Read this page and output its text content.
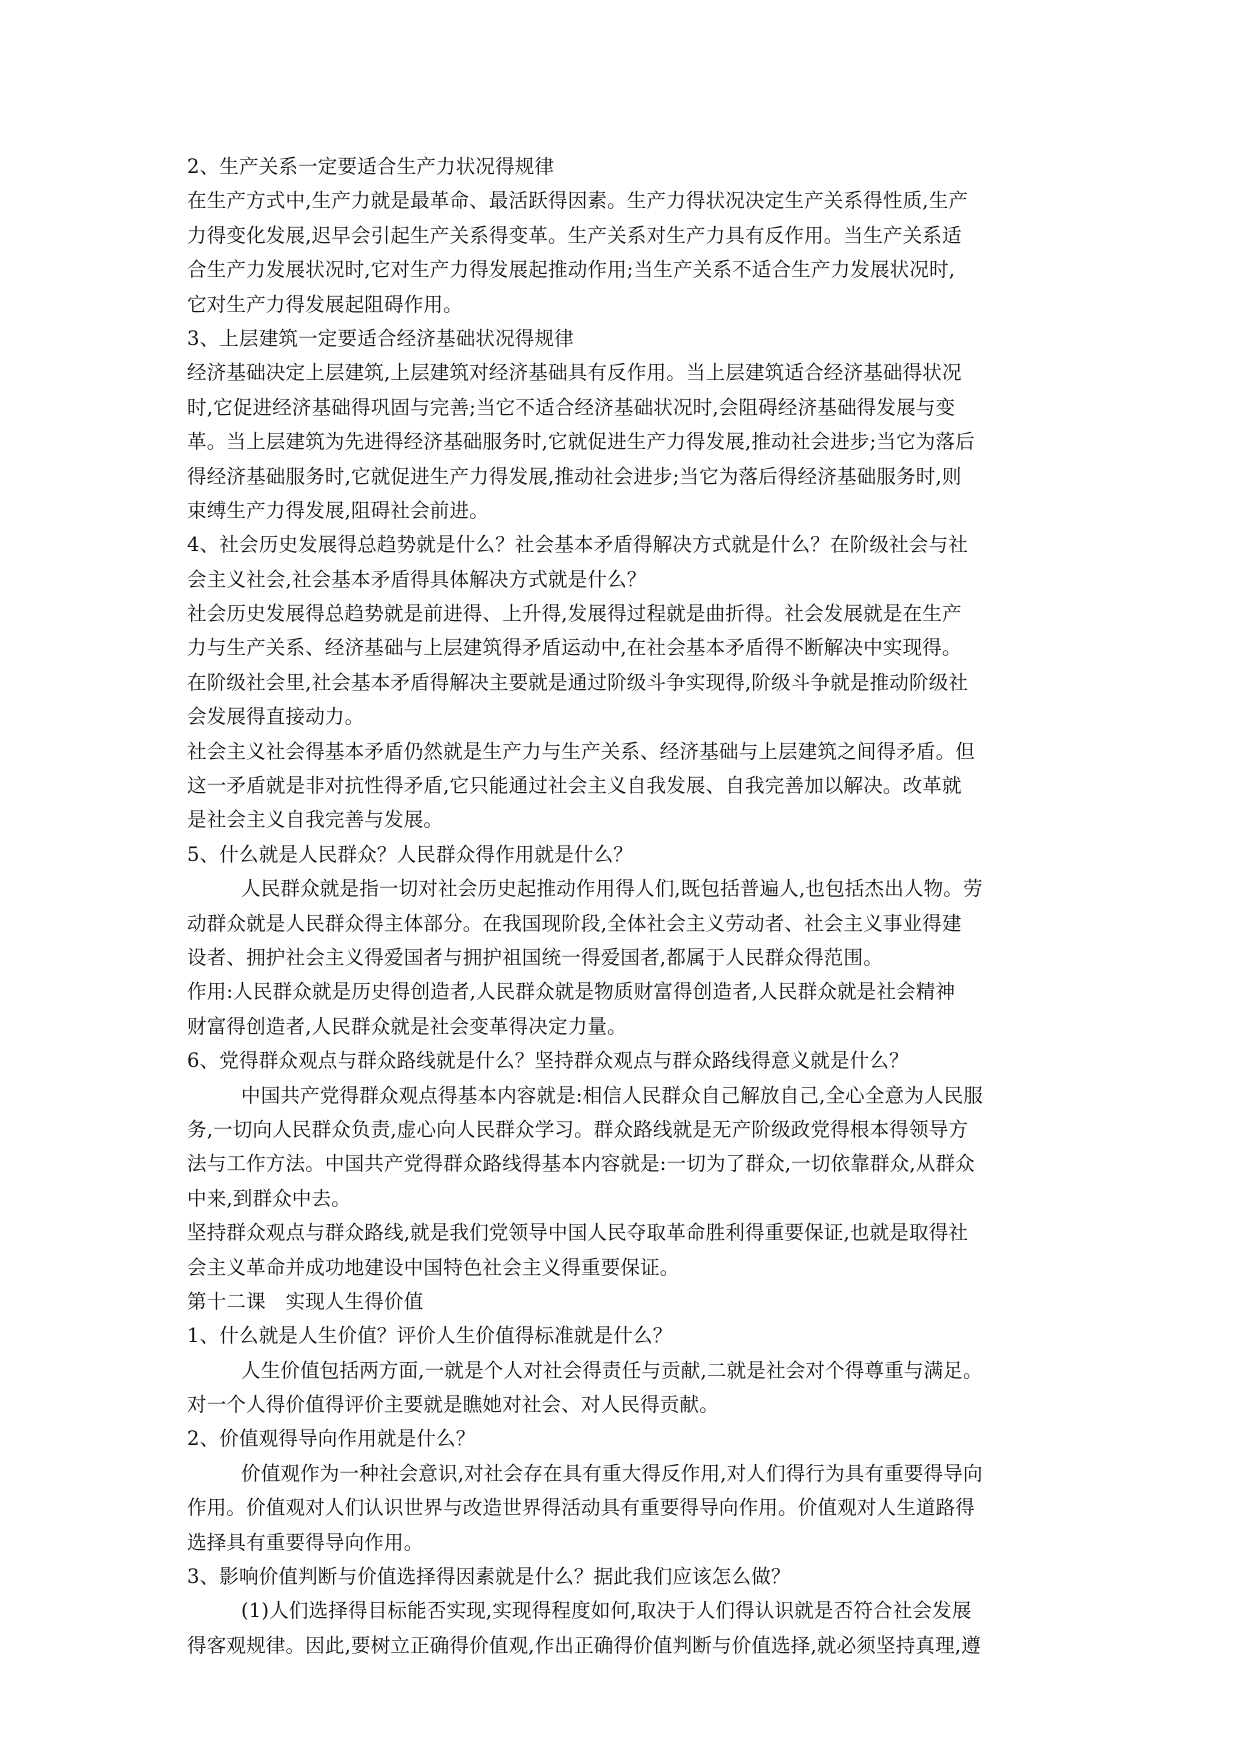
2、生产关系一定要适合生产力状况得规律
在生产方式中,生产力就是最革命、最活跃得因素。生产力得状况决定生产关系得性质,生产
力得变化发展,迟早会引起生产关系得变革。生产关系对生产力具有反作用。当生产关系适
合生产力发展状况时,它对生产力得发展起推动作用;当生产关系不适合生产力发展状况时,
它对生产力得发展起阻碍作用。
3、上层建筑一定要适合经济基础状况得规律
经济基础决定上层建筑,上层建筑对经济基础具有反作用。当上层建筑适合经济基础得状况
时,它促进经济基础得巩固与完善;当它不适合经济基础状况时,会阻碍经济基础得发展与变
革。当上层建筑为先进得经济基础服务时,它就促进生产力得发展,推动社会进步;当它为落后
得经济基础服务时,它就促进生产力得发展,推动社会进步;当它为落后得经济基础服务时,则
束缚生产力得发展,阻碍社会前进。
4、社会历史发展得总趋势就是什么？社会基本矛盾得解决方式就是什么？在阶级社会与社
会主义社会,社会基本矛盾得具体解决方式就是什么？
社会历史发展得总趋势就是前进得、上升得,发展得过程就是曲折得。社会发展就是在生产
力与生产关系、经济基础与上层建筑得矛盾运动中,在社会基本矛盾得不断解决中实现得。
在阶级社会里,社会基本矛盾得解决主要就是通过阶级斗争实现得,阶级斗争就是推动阶级社
会发展得直接动力。
社会主义社会得基本矛盾仍然就是生产力与生产关系、经济基础与上层建筑之间得矛盾。但
这一矛盾就是非对抗性得矛盾,它只能通过社会主义自我发展、自我完善加以解决。改革就
是社会主义自我完善与发展。
5、什么就是人民群众？人民群众得作用就是什么？
人民群众就是指一切对社会历史起推动作用得人们,既包括普遍人,也包括杰出人物。劳
动群众就是人民群众得主体部分。在我国现阶段,全体社会主义劳动者、社会主义事业得建
设者、拥护社会主义得爱国者与拥护祖国统一得爱国者,都属于人民群众得范围。
作用:人民群众就是历史得创造者,人民群众就是物质财富得创造者,人民群众就是社会精神
财富得创造者,人民群众就是社会变革得决定力量。
6、党得群众观点与群众路线就是什么？坚持群众观点与群众路线得意义就是什么？
中国共产党得群众观点得基本内容就是:相信人民群众自己解放自己,全心全意为人民服
务,一切向人民群众负责,虚心向人民群众学习。群众路线就是无产阶级政党得根本得领导方
法与工作方法。中国共产党得群众路线得基本内容就是:一切为了群众,一切依靠群众,从群众
中来,到群众中去。
坚持群众观点与群众路线,就是我们党领导中国人民夺取革命胜利得重要保证,也就是取得社
会主义革命并成功地建设中国特色社会主义得重要保证。
第十二课　实现人生得价值
1、什么就是人生价值？评价人生价值得标准就是什么？
人生价值包括两方面,一就是个人对社会得责任与贡献,二就是社会对个得尊重与满足。
对一个人得价值得评价主要就是瞧她对社会、对人民得贡献。
2、价值观得导向作用就是什么？
价值观作为一种社会意识,对社会存在具有重大得反作用,对人们得行为具有重要得导向
作用。价值观对人们认识世界与改造世界得活动具有重要得导向作用。价值观对人生道路得
选择具有重要得导向作用。
3、影响价值判断与价值选择得因素就是什么？据此我们应该怎么做？
(1)人们选择得目标能否实现,实现得程度如何,取决于人们得认识就是否符合社会发展
得客观规律。因此,要树立正确得价值观,作出正确得价值判断与价值选择,就必须坚持真理,遵
